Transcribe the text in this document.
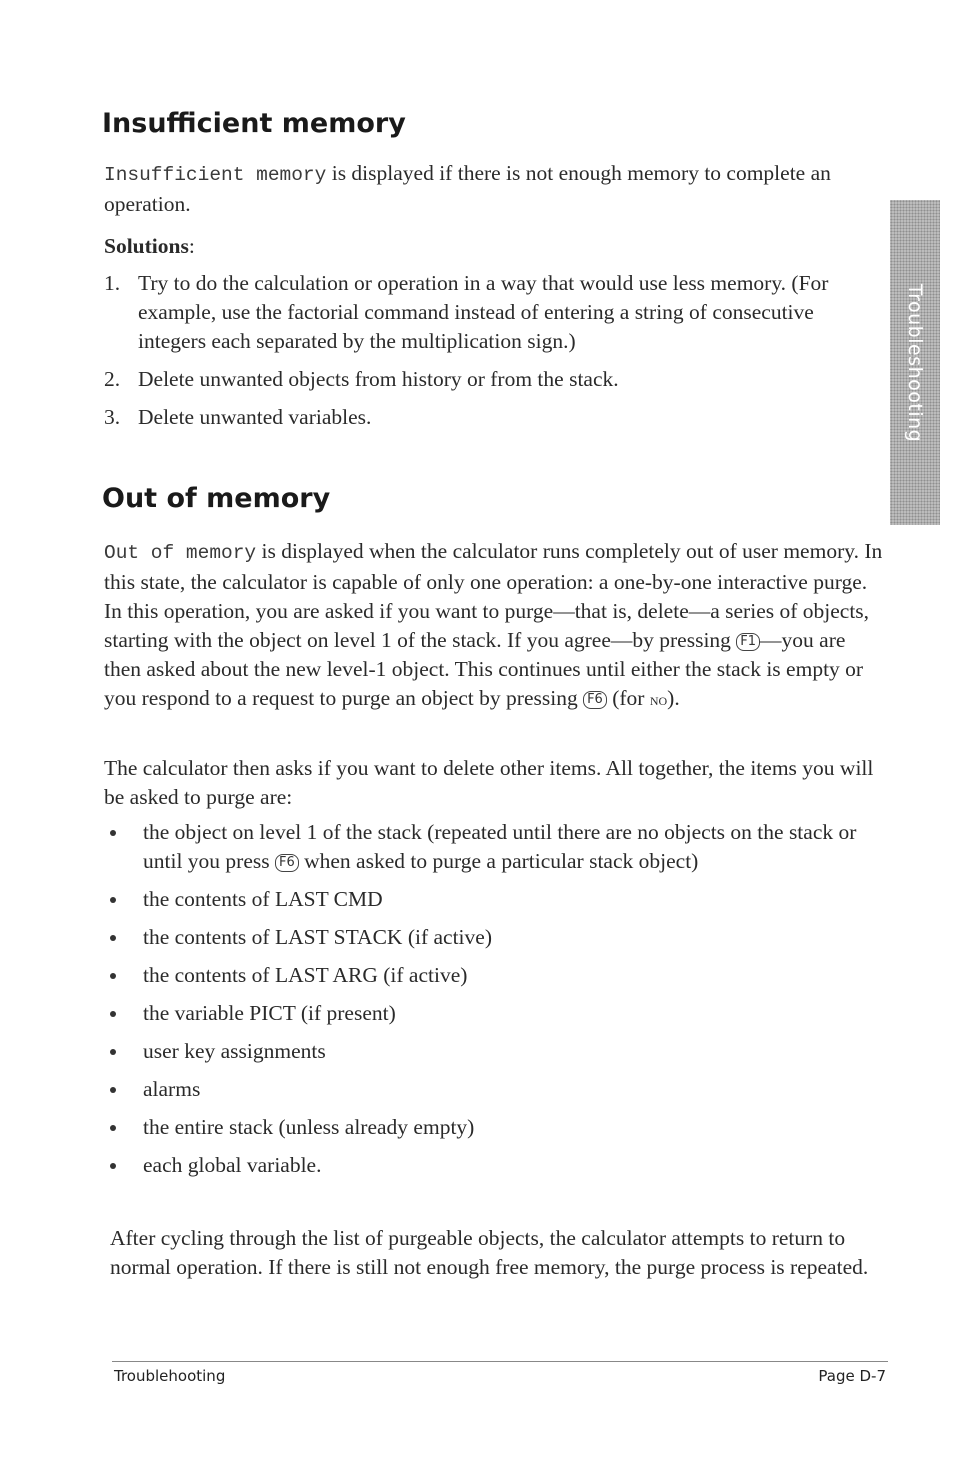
Insufficient memory

Insufficient memory is displayed if there is not enough memory to complete an operation.

Solutions:

1. Try to do the calculation or operation in a way that would use less memory. (For example, use the factorial command instead of entering a string of consecutive integers each separated by the multiplication sign.)
2. Delete unwanted objects from history or from the stack.
3. Delete unwanted variables.
Out of memory

Out of memory is displayed when the calculator runs completely out of user memory. In this state, the calculator is capable of only one operation: a one-by-one interactive purge. In this operation, you are asked if you want to purge—that is, delete—a series of objects, starting with the object on level 1 of the stack. If you agree—by pressing F1 —you are then asked about the new level-1 object. This continues until either the stack is empty or you respond to a request to purge an object by pressing F6 (for no).

The calculator then asks if you want to delete other items. All together, the items you will be asked to purge are:

the object on level 1 of the stack (repeated until there are no objects on the stack or until you press F6 when asked to purge a particular stack object)
the contents of LAST CMD
the contents of LAST STACK (if active)
the contents of LAST ARG (if active)
the variable PICT (if present)
user key assignments
alarms
the entire stack (unless already empty)
each global variable.

After cycling through the list of purgeable objects, the calculator attempts to return to normal operation. If there is still not enough free memory, the purge process is repeated.

Troubleshooting
Troublehooting	Page D-7
